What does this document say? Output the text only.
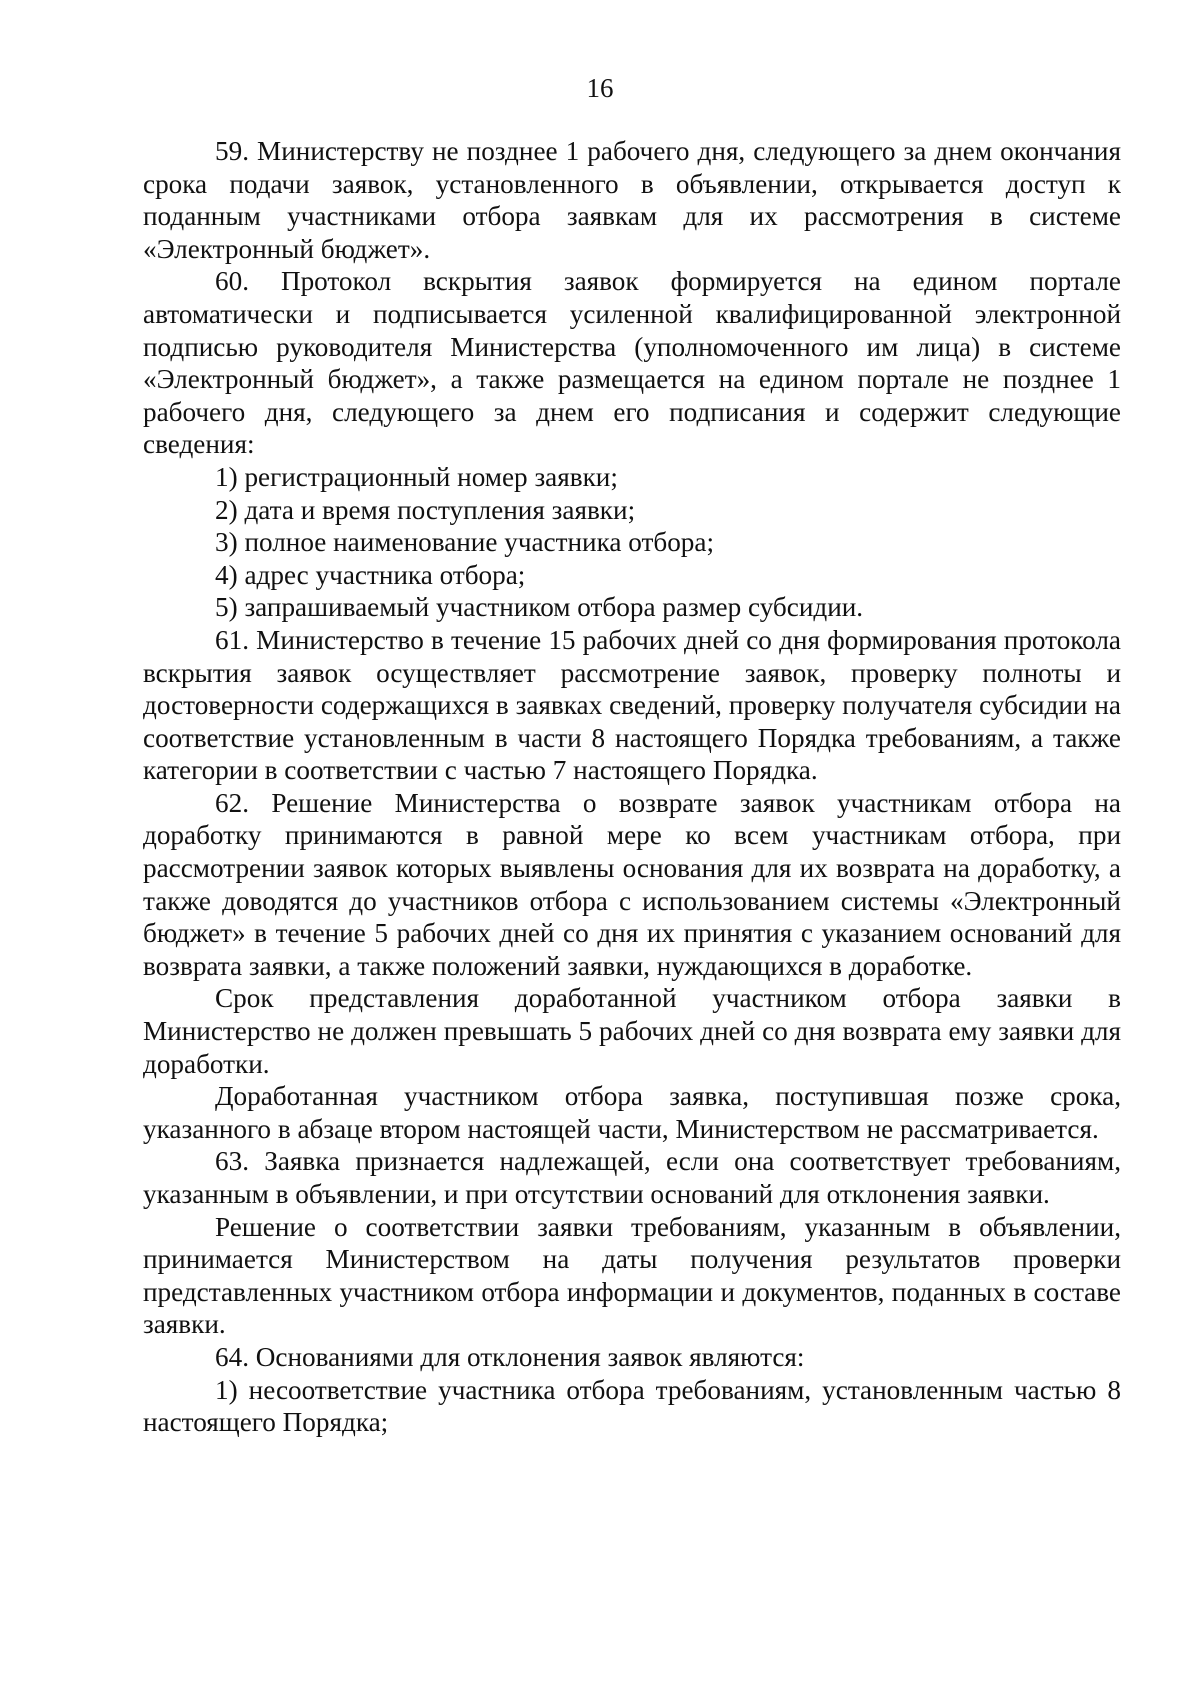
16

59. Министерству не позднее 1 рабочего дня, следующего за днем окончания срока подачи заявок, установленного в объявлении, открывается доступ к поданным участниками отбора заявкам для их рассмотрения в системе «Электронный бюджет».

60. Протокол вскрытия заявок формируется на едином портале автоматически и подписывается усиленной квалифицированной электронной подписью руководителя Министерства (уполномоченного им лица) в системе «Электронный бюджет», а также размещается на едином портале не позднее 1 рабочего дня, следующего за днем его подписания и содержит следующие сведения:

1) регистрационный номер заявки;

2) дата и время поступления заявки;

3) полное наименование участника отбора;

4) адрес участника отбора;

5) запрашиваемый участником отбора размер субсидии.

61. Министерство в течение 15 рабочих дней со дня формирования протокола вскрытия заявок осуществляет рассмотрение заявок, проверку полноты и достоверности содержащихся в заявках сведений, проверку получателя субсидии на соответствие установленным в части 8 настоящего Порядка требованиям, а также категории в соответствии с частью 7 настоящего Порядка.

62. Решение Министерства о возврате заявок участникам отбора на доработку принимаются в равной мере ко всем участникам отбора, при рассмотрении заявок которых выявлены основания для их возврата на доработку, а также доводятся до участников отбора с использованием системы «Электронный бюджет» в течение 5 рабочих дней со дня их принятия с указанием оснований для возврата заявки, а также положений заявки, нуждающихся в доработке.

Срок представления доработанной участником отбора заявки в Министерство не должен превышать 5 рабочих дней со дня возврата ему заявки для доработки.

Доработанная участником отбора заявка, поступившая позже срока, указанного в абзаце втором настоящей части, Министерством не рассматривается.

63. Заявка признается надлежащей, если она соответствует требованиям, указанным в объявлении, и при отсутствии оснований для отклонения заявки.

Решение о соответствии заявки требованиям, указанным в объявлении, принимается Министерством на даты получения результатов проверки представленных участником отбора информации и документов, поданных в составе заявки.

64. Основаниями для отклонения заявок являются:

1) несоответствие участника отбора требованиям, установленным частью 8 настоящего Порядка;
